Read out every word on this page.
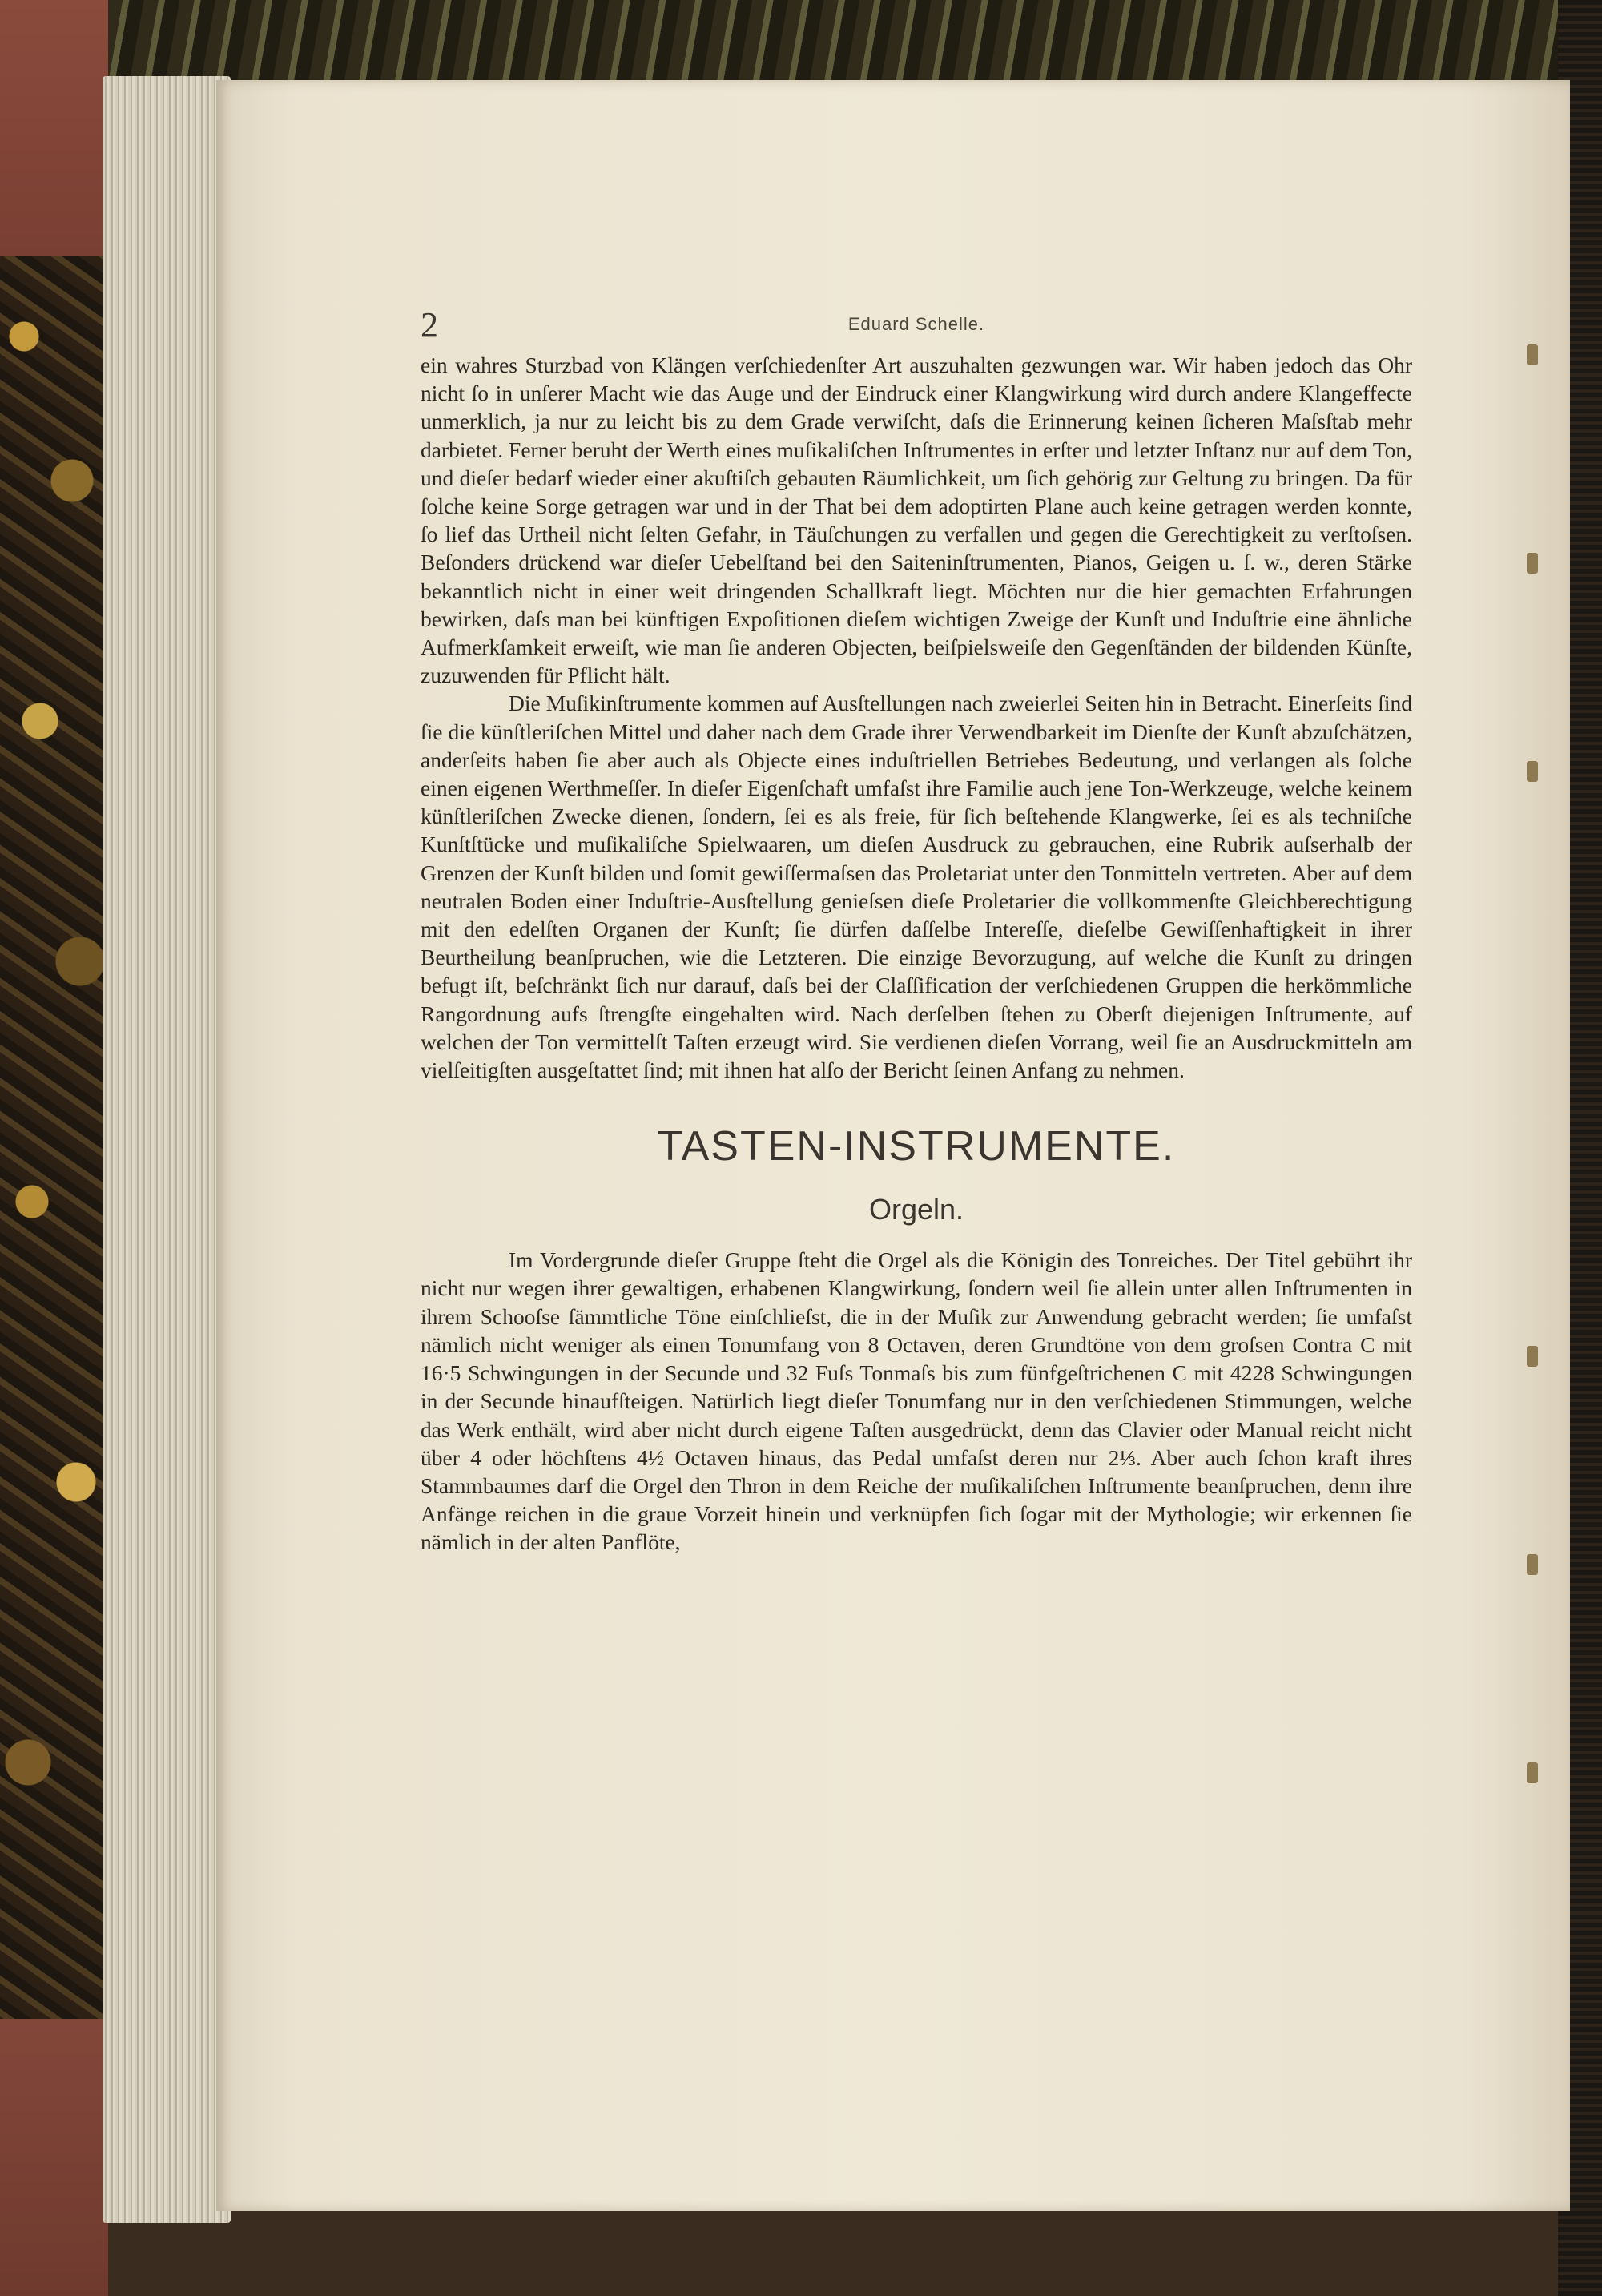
2	Eduard Schelle.

ein wahres Sturzbad von Klängen verſchiedenſter Art auszuhalten gezwungen war. Wir haben jedoch das Ohr nicht ſo in unſerer Macht wie das Auge und der Eindruck einer Klangwirkung wird durch andere Klangeffecte unmerklich, ja nur zu leicht bis zu dem Grade verwiſcht, daſs die Erinnerung keinen ſicheren Maſsſtab mehr darbietet. Ferner beruht der Werth eines muſikaliſchen Inſtrumentes in erſter und letzter Inſtanz nur auf dem Ton, und dieſer bedarf wieder einer akuſtiſch gebauten Räumlichkeit, um ſich gehörig zur Geltung zu bringen. Da für ſolche keine Sorge getragen war und in der That bei dem adoptirten Plane auch keine getragen werden konnte, ſo lief das Urtheil nicht ſelten Gefahr, in Täuſchungen zu verfallen und gegen die Gerechtigkeit zu verſtoſsen. Beſonders drückend war dieſer Uebelſtand bei den Saiteninſtrumenten, Pianos, Geigen u. ſ. w., deren Stärke bekanntlich nicht in einer weit dringenden Schallkraft liegt. Möchten nur die hier gemachten Erfahrungen bewirken, daſs man bei künftigen Expoſitionen dieſem wichtigen Zweige der Kunſt und Induſtrie eine ähnliche Aufmerkſamkeit erweiſt, wie man ſie anderen Objecten, beiſpielsweiſe den Gegenſtänden der bildenden Künſte, zuzuwenden für Pflicht hält.

Die Muſikinſtrumente kommen auf Ausſtellungen nach zweierlei Seiten hin in Betracht. Einerſeits ſind ſie die künſtleriſchen Mittel und daher nach dem Grade ihrer Verwendbarkeit im Dienſte der Kunſt abzuſchätzen, anderſeits haben ſie aber auch als Objecte eines induſtriellen Betriebes Bedeutung, und verlangen als ſolche einen eigenen Werthmeſſer. In dieſer Eigenſchaft umfaſst ihre Familie auch jene Ton-Werkzeuge, welche keinem künſtleriſchen Zwecke dienen, ſondern, ſei es als freie, für ſich beſtehende Klangwerke, ſei es als techniſche Kunſtſtücke und muſikaliſche Spielwaaren, um dieſen Ausdruck zu gebrauchen, eine Rubrik auſserhalb der Grenzen der Kunſt bilden und ſomit gewiſſermaſsen das Proletariat unter den Tonmitteln vertreten. Aber auf dem neutralen Boden einer Induſtrie-Ausſtellung genieſsen dieſe Proletarier die vollkommenſte Gleichberechtigung mit den edelſten Organen der Kunſt; ſie dürfen daſſelbe Intereſſe, dieſelbe Gewiſſenhaftigkeit in ihrer Beurtheilung beanſpruchen, wie die Letzteren. Die einzige Bevorzugung, auf welche die Kunſt zu dringen befugt iſt, beſchränkt ſich nur darauf, daſs bei der Claſſification der verſchiedenen Gruppen die herkömmliche Rangordnung aufs ſtrengſte eingehalten wird. Nach derſelben ſtehen zu Oberſt diejenigen Inſtrumente, auf welchen der Ton vermittelſt Taſten erzeugt wird. Sie verdienen dieſen Vorrang, weil ſie an Ausdruckmitteln am vielſeitigſten ausgeſtattet ſind; mit ihnen hat alſo der Bericht ſeinen Anfang zu nehmen.

TASTEN-INSTRUMENTE.
Orgeln.

Im Vordergrunde dieſer Gruppe ſteht die Orgel als die Königin des Tonreiches. Der Titel gebührt ihr nicht nur wegen ihrer gewaltigen, erhabenen Klangwirkung, ſondern weil ſie allein unter allen Inſtrumenten in ihrem Schooſse ſämmtliche Töne einſchlieſst, die in der Muſik zur Anwendung gebracht werden; ſie umfaſst nämlich nicht weniger als einen Tonumfang von 8 Octaven, deren Grundtöne von dem groſsen Contra C mit 16·5 Schwingungen in der Secunde und 32 Fuſs Tonmaſs bis zum fünfgeſtrichenen C mit 4228 Schwingungen in der Secunde hinaufſteigen. Natürlich liegt dieſer Tonumfang nur in den verſchiedenen Stimmungen, welche das Werk enthält, wird aber nicht durch eigene Taſten ausgedrückt, denn das Clavier oder Manual reicht nicht über 4 oder höchſtens 4½ Octaven hinaus, das Pedal umfaſst deren nur 2⅓. Aber auch ſchon kraft ihres Stammbaumes darf die Orgel den Thron in dem Reiche der muſikaliſchen Inſtrumente beanſpruchen, denn ihre Anfänge reichen in die graue Vorzeit hinein und verknüpfen ſich ſogar mit der Mythologie; wir erkennen ſie nämlich in der alten Panflöte,
